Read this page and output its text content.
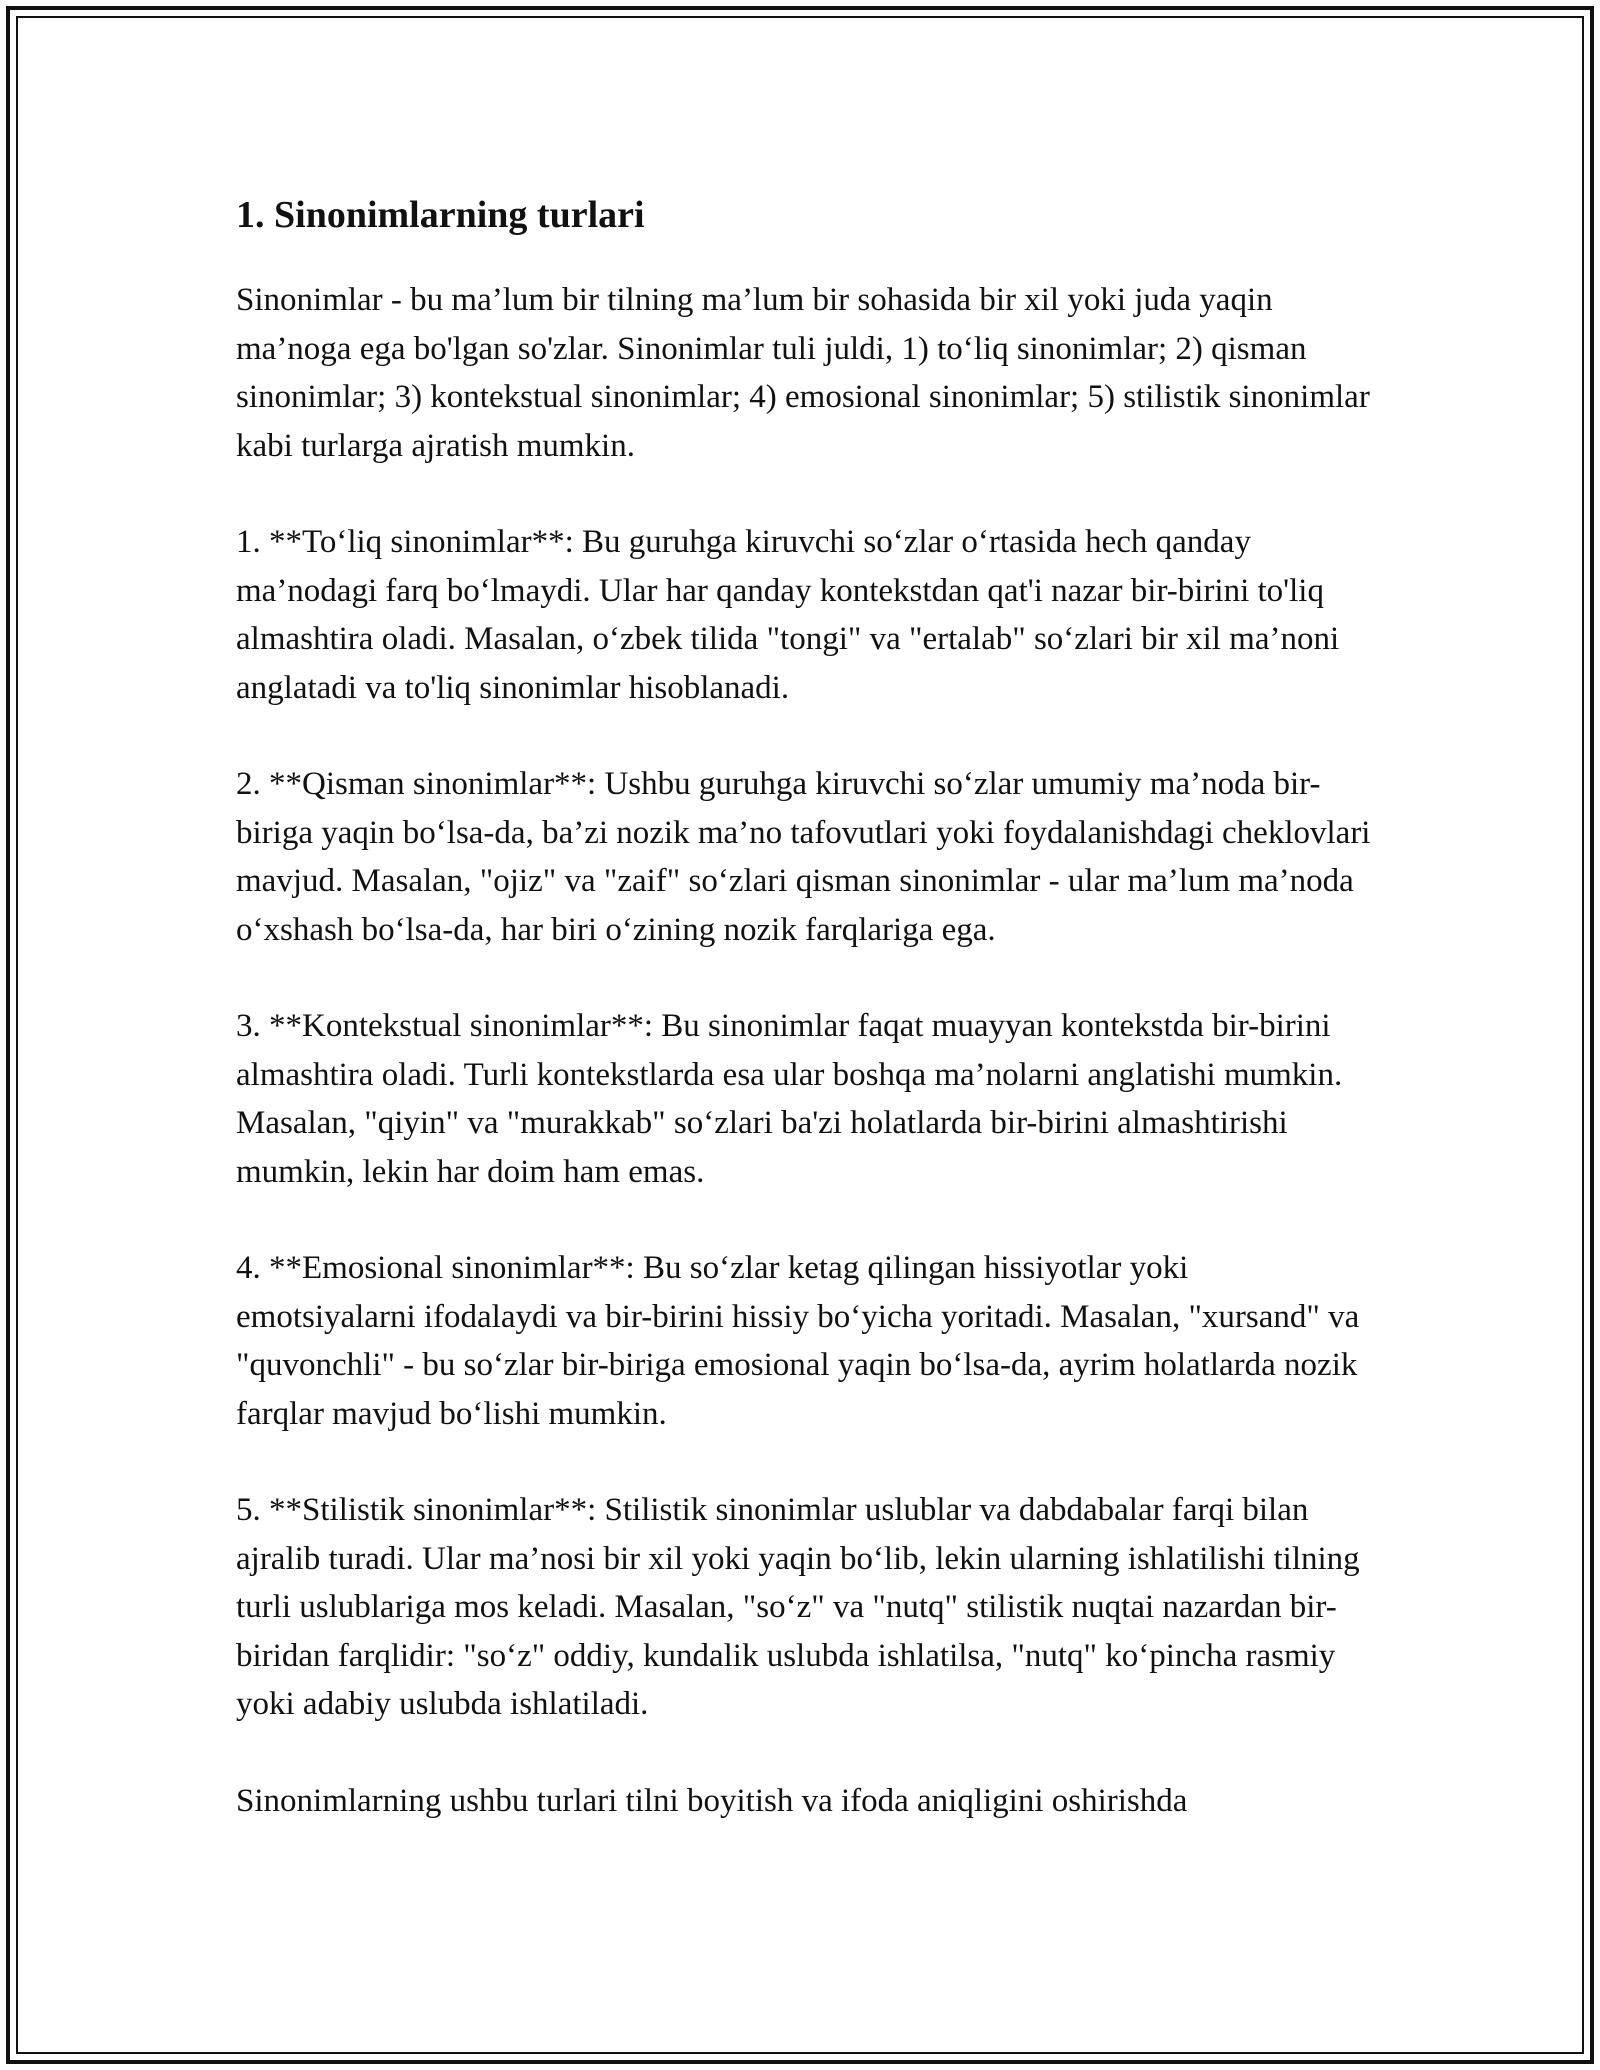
1. Sinonimlarning turlari

Sinonimlar - bu ma’lum bir tilning ma’lum bir sohasida bir xil yoki juda yaqin ma’noga ega bo'lgan so'zlar. Sinonimlar tuli juldi, 1) to‘liq sinonimlar; 2) qisman sinonimlar; 3) kontekstual sinonimlar; 4) emosional sinonimlar; 5) stilistik sinonimlar kabi turlarga ajratish mumkin.

1. **To‘liq sinonimlar**: Bu guruhga kiruvchi so‘zlar o‘rtasida hech qanday ma’nodagi farq bo‘lmaydi. Ular har qanday kontekstdan qat'i nazar bir-birini to'liq almashtira oladi. Masalan, o‘zbek tilida "tongi" va "ertalab" so‘zlari bir xil ma’noni anglatadi va to'liq sinonimlar hisoblanadi.

2. **Qisman sinonimlar**: Ushbu guruhga kiruvchi so‘zlar umumiy ma’noda bir-biriga yaqin bo‘lsa-da, ba’zi nozik ma’no tafovutlari yoki foydalanishdagi cheklovlari mavjud. Masalan, "ojiz" va "zaif" so‘zlari qisman sinonimlar - ular ma’lum ma’noda o‘xshash bo‘lsa-da, har biri o‘zining nozik farqlariga ega.

3. **Kontekstual sinonimlar**: Bu sinonimlar faqat muayyan kontekstda bir-birini almashtira oladi. Turli kontekstlarda esa ular boshqa ma’nolarni anglatishi mumkin. Masalan, "qiyin" va "murakkab" so‘zlari ba'zi holatlarda bir-birini almashtirishi mumkin, lekin har doim ham emas.

4. **Emosional sinonimlar**: Bu so‘zlar ketag qilingan hissiyotlar yoki emotsiyalarni ifodalaydi va bir-birini hissiy bo‘yicha yoritadi. Masalan, "xursand" va "quvonchli" - bu so‘zlar bir-biriga emosional yaqin bo‘lsa-da, ayrim holatlarda nozik farqlar mavjud bo‘lishi mumkin.

5. **Stilistik sinonimlar**: Stilistik sinonimlar uslublar va dabdabalar farqi bilan ajralib turadi. Ular ma’nosi bir xil yoki yaqin bo‘lib, lekin ularning ishlatilishi tilning turli uslublariga mos keladi. Masalan, "so‘z" va "nutq" stilistik nuqtai nazardan bir-biridan farqlidir: "so‘z" oddiy, kundalik uslubda ishlatilsa, "nutq" ko‘pincha rasmiy yoki adabiy uslubda ishlatiladi.

Sinonimlarning ushbu turlari tilni boyitish va ifoda aniqligini oshirishda
